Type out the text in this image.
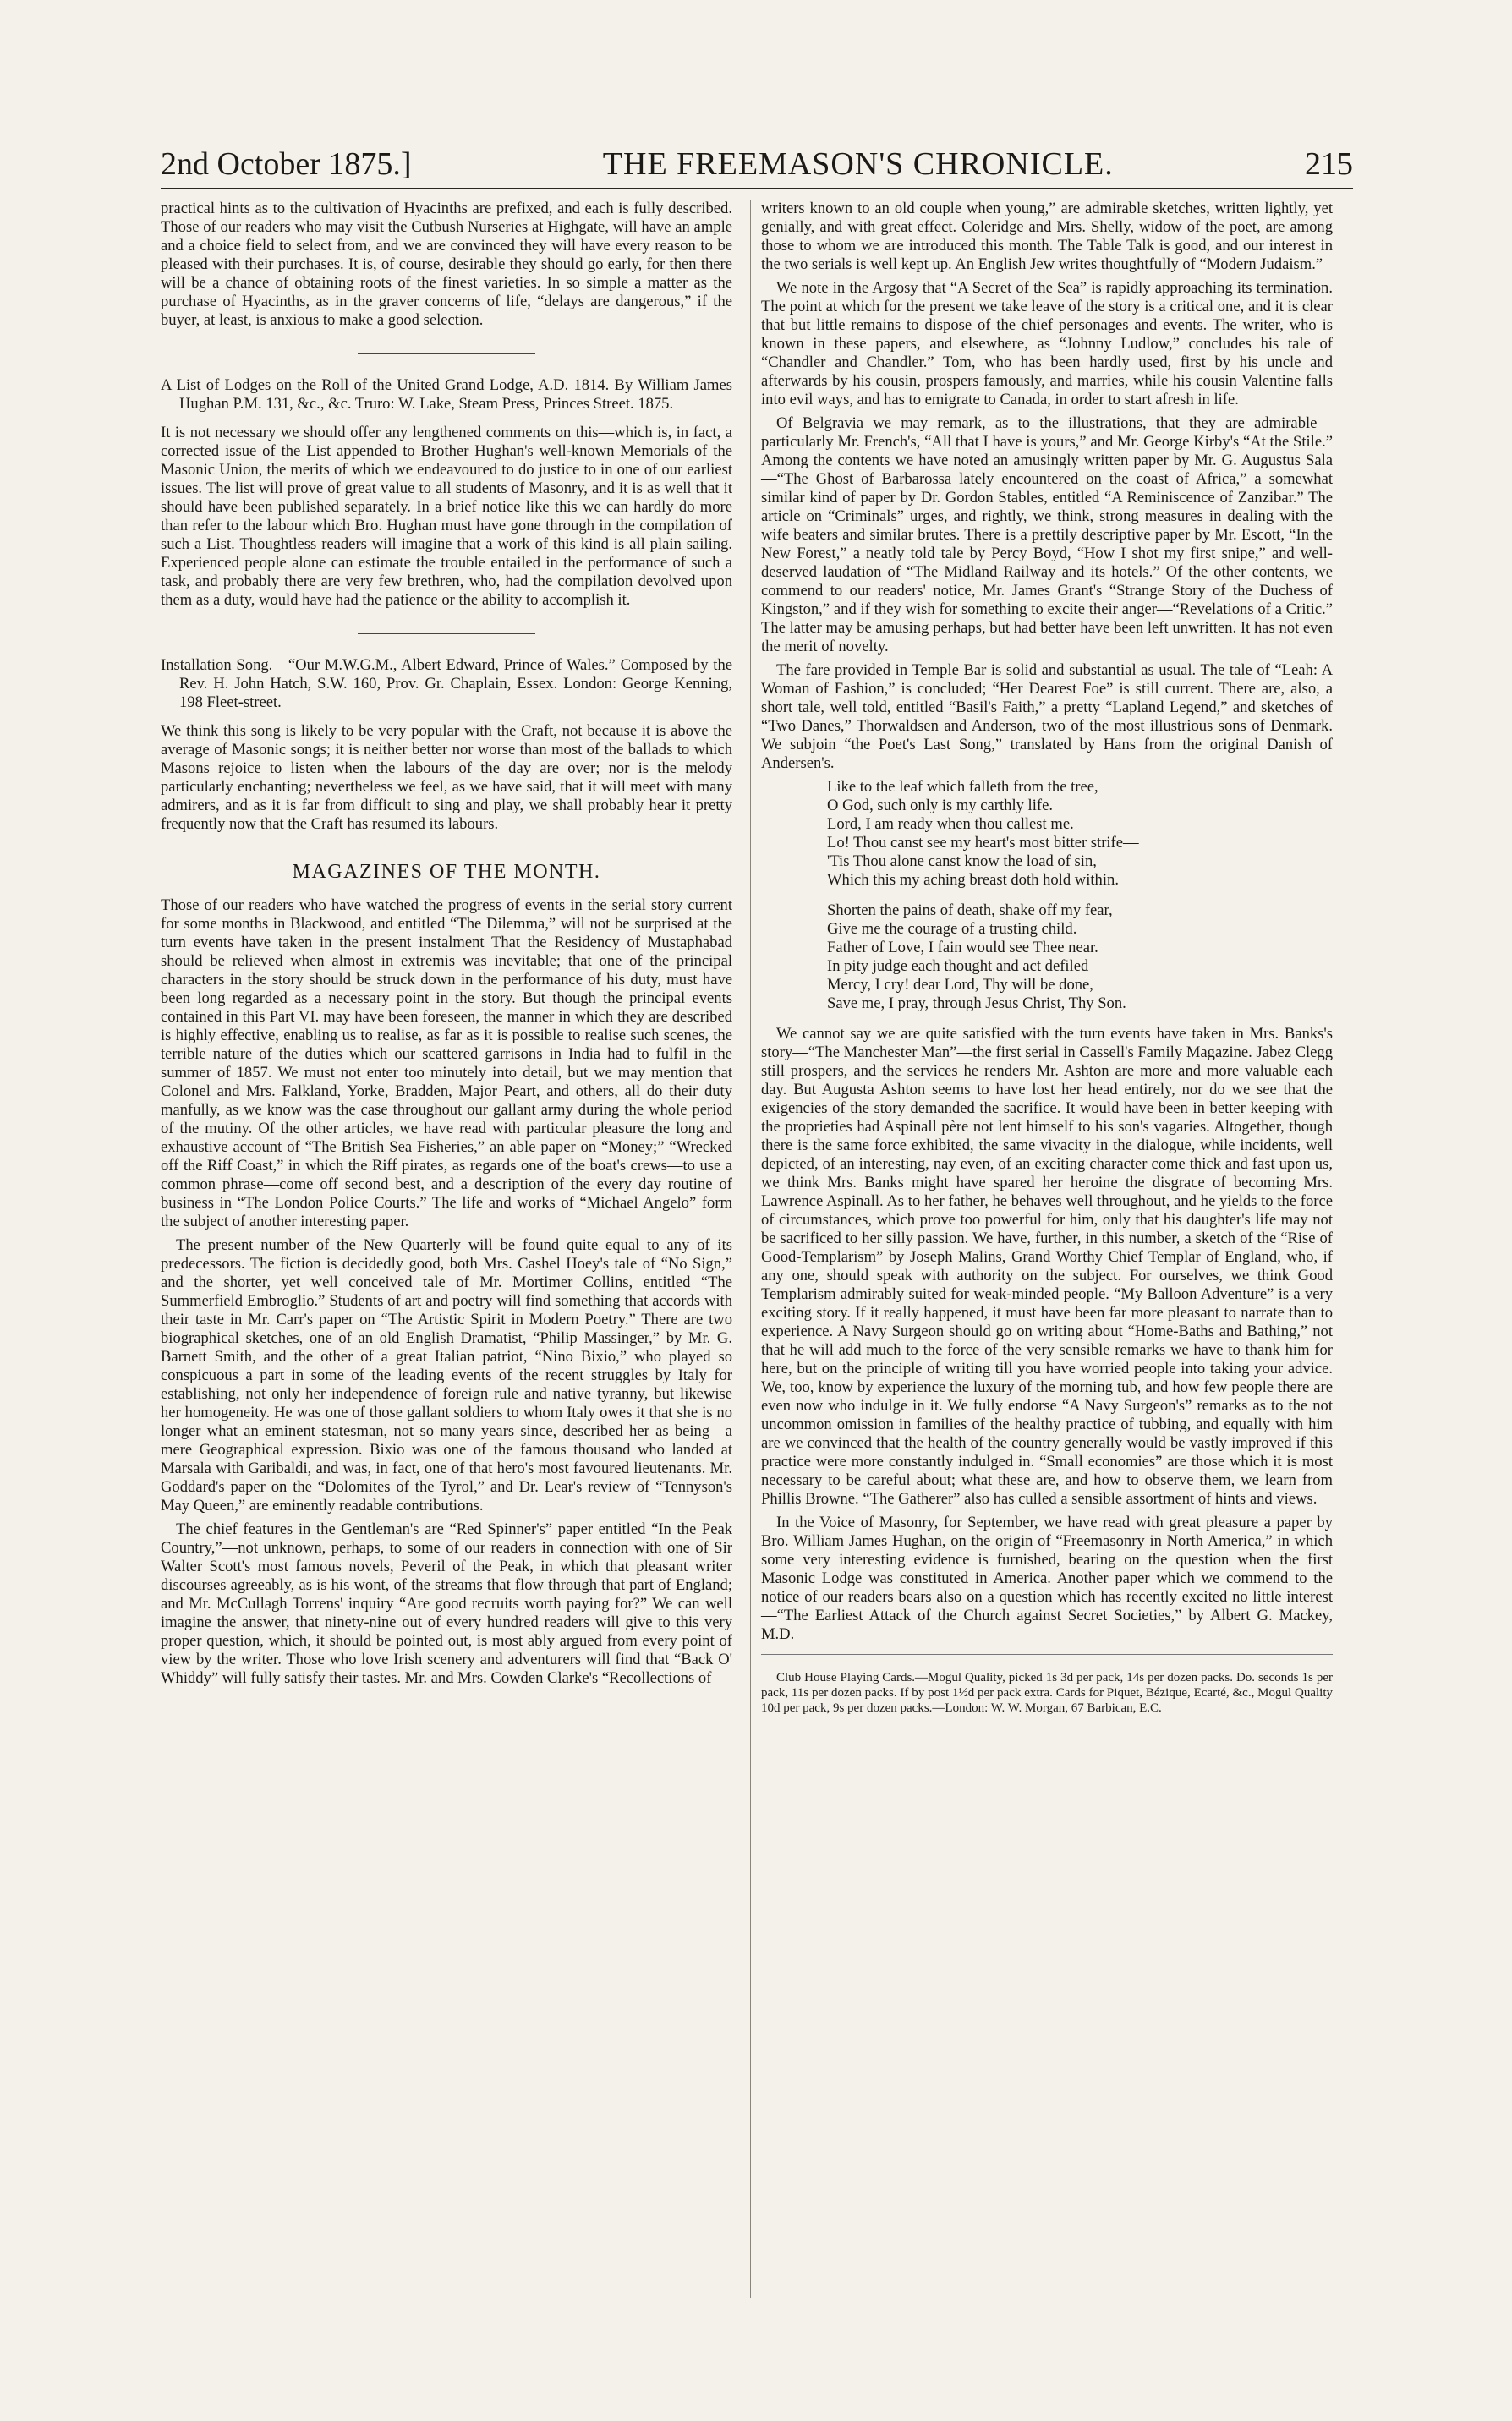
2nd October 1875.]	THE FREEMASON'S CHRONICLE.	215

practical hints as to the cultivation of Hyacinths are prefixed, and each is fully described. Those of our readers who may visit the Cutbush Nurseries at Highgate, will have an ample and a choice field to select from, and we are convinced they will have every reason to be pleased with their purchases. It is, of course, desirable they should go early, for then there will be a chance of obtaining roots of the finest varieties. In so simple a matter as the purchase of Hyacinths, as in the graver concerns of life, “delays are dangerous,” if the buyer, at least, is anxious to make a good selection.

A List of Lodges on the Roll of the United Grand Lodge, A.D. 1814. By William James Hughan P.M. 131, &c., &c. Truro: W. Lake, Steam Press, Princes Street. 1875.

It is not necessary we should offer any lengthened comments on this—which is, in fact, a corrected issue of the List appended to Brother Hughan's well-known Memorials of the Masonic Union, the merits of which we endeavoured to do justice to in one of our earliest issues. The list will prove of great value to all students of Masonry, and it is as well that it should have been published separately. In a brief notice like this we can hardly do more than refer to the labour which Bro. Hughan must have gone through in the compilation of such a List. Thoughtless readers will imagine that a work of this kind is all plain sailing. Experienced people alone can estimate the trouble entailed in the performance of such a task, and probably there are very few brethren, who, had the compilation devolved upon them as a duty, would have had the patience or the ability to accomplish it.

Installation Song.—“Our M.W.G.M., Albert Edward, Prince of Wales.” Composed by the Rev. H. John Hatch, S.W. 160, Prov. Gr. Chaplain, Essex. London: George Kenning, 198 Fleet-street.

We think this song is likely to be very popular with the Craft, not because it is above the average of Masonic songs; it is neither better nor worse than most of the ballads to which Masons rejoice to listen when the labours of the day are over; nor is the melody particularly enchanting; nevertheless we feel, as we have said, that it will meet with many admirers, and as it is far from difficult to sing and play, we shall probably hear it pretty frequently now that the Craft has resumed its labours.

MAGAZINES OF THE MONTH.

Those of our readers who have watched the progress of events in the serial story current for some months in Blackwood, and entitled “The Dilemma,” will not be surprised at the turn events have taken in the present instalment That the Residency of Mustaphabad should be relieved when almost in extremis was inevitable; that one of the principal characters in the story should be struck down in the performance of his duty, must have been long regarded as a necessary point in the story. But though the principal events contained in this Part VI. may have been foreseen, the manner in which they are described is highly effective, enabling us to realise, as far as it is possible to realise such scenes, the terrible nature of the duties which our scattered garrisons in India had to fulfil in the summer of 1857. We must not enter too minutely into detail, but we may mention that Colonel and Mrs. Falkland, Yorke, Bradden, Major Peart, and others, all do their duty manfully, as we know was the case throughout our gallant army during the whole period of the mutiny. Of the other articles, we have read with particular pleasure the long and exhaustive account of “The British Sea Fisheries,” an able paper on “Money;” “Wrecked off the Riff Coast,” in which the Riff pirates, as regards one of the boat's crews—to use a common phrase—come off second best, and a description of the every day routine of business in “The London Police Courts.” The life and works of “Michael Angelo” form the subject of another interesting paper.

The present number of the New Quarterly will be found quite equal to any of its predecessors. The fiction is decidedly good, both Mrs. Cashel Hoey's tale of “No Sign,” and the shorter, yet well conceived tale of Mr. Mortimer Collins, entitled “The Summerfield Embroglio.” Students of art and poetry will find something that accords with their taste in Mr. Carr's paper on “The Artistic Spirit in Modern Poetry.” There are two biographical sketches, one of an old English Dramatist, “Philip Massinger,” by Mr. G. Barnett Smith, and the other of a great Italian patriot, “Nino Bixio,” who played so conspicuous a part in some of the leading events of the recent struggles by Italy for establishing, not only her independence of foreign rule and native tyranny, but likewise her homogeneity. He was one of those gallant soldiers to whom Italy owes it that she is no longer what an eminent statesman, not so many years since, described her as being—a mere Geographical expression. Bixio was one of the famous thousand who landed at Marsala with Garibaldi, and was, in fact, one of that hero's most favoured lieutenants. Mr. Goddard's paper on the “Dolomites of the Tyrol,” and Dr. Lear's review of “Tennyson's May Queen,” are eminently readable contributions.

The chief features in the Gentleman's are “Red Spinner's” paper entitled “In the Peak Country,”—not unknown, perhaps, to some of our readers in connection with one of Sir Walter Scott's most famous novels, Peveril of the Peak, in which that pleasant writer discourses agreeably, as is his wont, of the streams that flow through that part of England; and Mr. McCullagh Torrens' inquiry “Are good recruits worth paying for?” We can well imagine the answer, that ninety-nine out of every hundred readers will give to this very proper question, which, it should be pointed out, is most ably argued from every point of view by the writer. Those who love Irish scenery and adventurers will find that “Back O' Whiddy” will fully satisfy their tastes. Mr. and Mrs. Cowden Clarke's “Recollections of

writers known to an old couple when young,” are admirable sketches, written lightly, yet genially, and with great effect. Coleridge and Mrs. Shelly, widow of the poet, are among those to whom we are introduced this month. The Table Talk is good, and our interest in the two serials is well kept up. An English Jew writes thoughtfully of “Modern Judaism.”

We note in the Argosy that “A Secret of the Sea” is rapidly approaching its termination. The point at which for the present we take leave of the story is a critical one, and it is clear that but little remains to dispose of the chief personages and events. The writer, who is known in these papers, and elsewhere, as “Johnny Ludlow,” concludes his tale of “Chandler and Chandler.” Tom, who has been hardly used, first by his uncle and afterwards by his cousin, prospers famously, and marries, while his cousin Valentine falls into evil ways, and has to emigrate to Canada, in order to start afresh in life.

Of Belgravia we may remark, as to the illustrations, that they are admirable—particularly Mr. French's, “All that I have is yours,” and Mr. George Kirby's “At the Stile.” Among the contents we have noted an amusingly written paper by Mr. G. Augustus Sala—“The Ghost of Barbarossa lately encountered on the coast of Africa,” a somewhat similar kind of paper by Dr. Gordon Stables, entitled “A Reminiscence of Zanzibar.” The article on “Criminals” urges, and rightly, we think, strong measures in dealing with the wife beaters and similar brutes. There is a prettily descriptive paper by Mr. Escott, “In the New Forest,” a neatly told tale by Percy Boyd, “How I shot my first snipe,” and well-deserved laudation of “The Midland Railway and its hotels.” Of the other contents, we commend to our readers' notice, Mr. James Grant's “Strange Story of the Duchess of Kingston,” and if they wish for something to excite their anger—“Revelations of a Critic.” The latter may be amusing perhaps, but had better have been left unwritten. It has not even the merit of novelty.

The fare provided in Temple Bar is solid and substantial as usual. The tale of “Leah: A Woman of Fashion,” is concluded; “Her Dearest Foe” is still current. There are, also, a short tale, well told, entitled “Basil's Faith,” a pretty “Lapland Legend,” and sketches of “Two Danes,” Thorwaldsen and Anderson, two of the most illustrious sons of Denmark. We subjoin “the Poet's Last Song,” translated by Hans from the original Danish of Andersen's.

Like to the leaf which falleth from the tree,
O God, such only is my carthly life.
Lord, I am ready when thou callest me.
Lo! Thou canst see my heart's most bitter strife—
'Tis Thou alone canst know the load of sin,
Which this my aching breast doth hold within.
Shorten the pains of death, shake off my fear,
Give me the courage of a trusting child.
Father of Love, I fain would see Thee near.
In pity judge each thought and act defiled—
Mercy, I cry! dear Lord, Thy will be done,
Save me, I pray, through Jesus Christ, Thy Son.

We cannot say we are quite satisfied with the turn events have taken in Mrs. Banks's story—“The Manchester Man”—the first serial in Cassell's Family Magazine. Jabez Clegg still prospers, and the services he renders Mr. Ashton are more and more valuable each day. But Augusta Ashton seems to have lost her head entirely, nor do we see that the exigencies of the story demanded the sacrifice. It would have been in better keeping with the proprieties had Aspinall père not lent himself to his son's vagaries. Altogether, though there is the same force exhibited, the same vivacity in the dialogue, while incidents, well depicted, of an interesting, nay even, of an exciting character come thick and fast upon us, we think Mrs. Banks might have spared her heroine the disgrace of becoming Mrs. Lawrence Aspinall. As to her father, he behaves well throughout, and he yields to the force of circumstances, which prove too powerful for him, only that his daughter's life may not be sacrificed to her silly passion. We have, further, in this number, a sketch of the “Rise of Good-Templarism” by Joseph Malins, Grand Worthy Chief Templar of England, who, if any one, should speak with authority on the subject. For ourselves, we think Good Templarism admirably suited for weak-minded people. “My Balloon Adventure” is a very exciting story. If it really happened, it must have been far more pleasant to narrate than to experience. A Navy Surgeon should go on writing about “Home-Baths and Bathing,” not that he will add much to the force of the very sensible remarks we have to thank him for here, but on the principle of writing till you have worried people into taking your advice. We, too, know by experience the luxury of the morning tub, and how few people there are even now who indulge in it. We fully endorse “A Navy Surgeon's” remarks as to the not uncommon omission in families of the healthy practice of tubbing, and equally with him are we convinced that the health of the country generally would be vastly improved if this practice were more constantly indulged in. “Small economies” are those which it is most necessary to be careful about; what these are, and how to observe them, we learn from Phillis Browne. “The Gatherer” also has culled a sensible assortment of hints and views.

In the Voice of Masonry, for September, we have read with great pleasure a paper by Bro. William James Hughan, on the origin of “Freemasonry in North America,” in which some very interesting evidence is furnished, bearing on the question when the first Masonic Lodge was constituted in America. Another paper which we commend to the notice of our readers bears also on a question which has recently excited no little interest—“The Earliest Attack of the Church against Secret Societies,” by Albert G. Mackey, M.D.

Club House Playing Cards.—Mogul Quality, picked 1s 3d per pack, 14s per dozen packs. Do. seconds 1s per pack, 11s per dozen packs. If by post 1½d per pack extra. Cards for Piquet, Bézique, Ecarté, &c., Mogul Quality 10d per pack, 9s per dozen packs.—London: W. W. Morgan, 67 Barbican, E.C.
